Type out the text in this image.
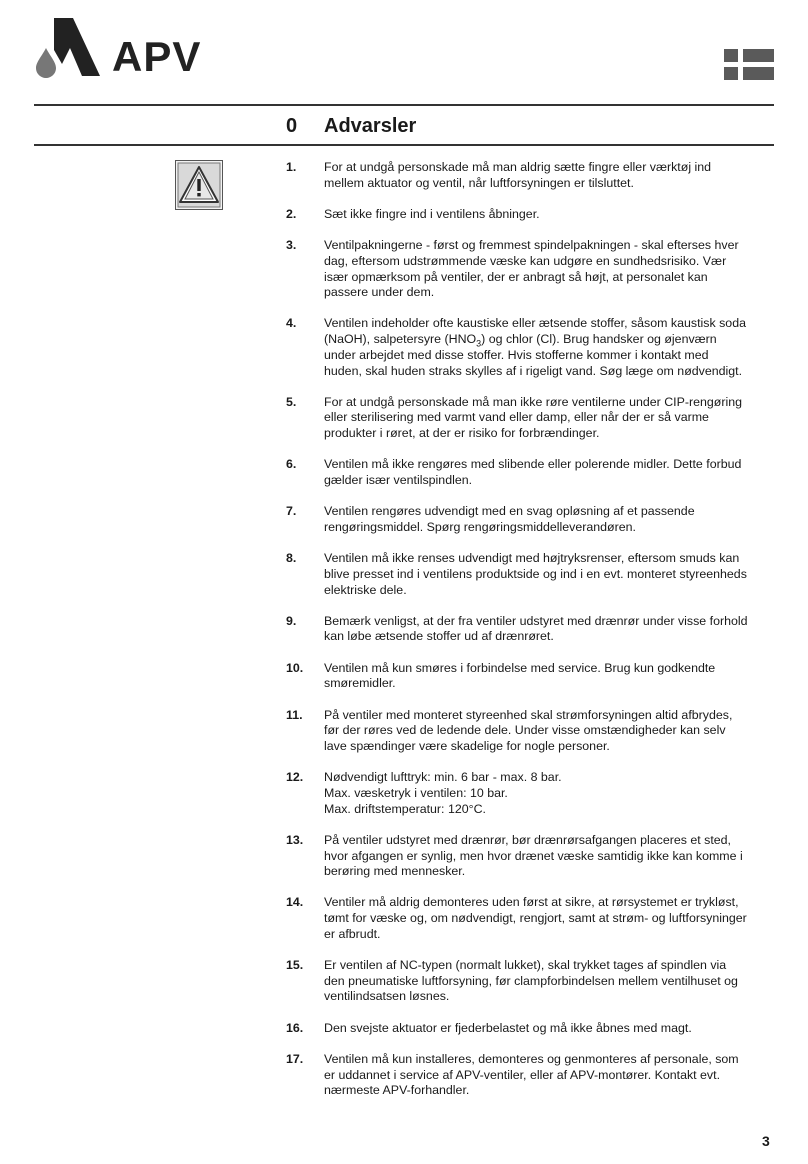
APV
0 Advarsler
1.	For at undgå personskade må man aldrig sætte fingre eller værktøj ind
mellem aktuator og ventil, når luftforsyningen er tilsluttet.
2.	Sæt ikke fingre ind i ventilens åbninger.
3.	Ventilpakningerne - først og fremmest spindelpakningen - skal efterses hver
dag, eftersom udstrømmende væske kan udgøre en sundhedsrisiko. Vær
især opmærksom på ventiler, der er anbragt så højt, at personalet kan
passere under dem.
4.	Ventilen indeholder ofte kaustiske eller ætsende stoffer, såsom kaustisk soda
(NaOH), salpetersyre $(HNO_3)$ og chlor (Cl). Brug handsker og øjenværn
under arbejdet med disse stoffer. Hvis stofferne kommer i kontakt med
huden, skal huden straks skylles af i rigeligt vand. Søg læge om nødvendigt.
5.	For at undgå personskade må man ikke røre ventilerne under CIP-rengøring
eller sterilisering med varmt vand eller damp, eller når der er så varme
produkter i røret, at der er risiko for forbrændinger.
6.	Ventilen må ikke rengøres med slibende eller polerende midler. Dette forbud
gælder især ventilspindlen.
7.	Ventilen rengøres udvendigt med en svag opløsning af et passende
rengøringsmiddel. Spørg rengøringsmiddelleverandøren.
8.	Ventilen må ikke renses udvendigt med højtryksrenser, eftersom smuds kan
blive presset ind i ventilens produktside og ind i en evt. monteret styreenheds
elektriske dele.
9.	Bemærk venligst, at der fra ventiler udstyret med drænrør under visse forhold
kan løbe ætsende stoffer ud af drænrøret.
10.	Ventilen må kun smøres i forbindelse med service. Brug kun godkendte
smøremidler.
11.	På ventiler med monteret styreenhed skal strømforsyningen altid afbrydes,
før der røres ved de ledende dele. Under visse omstændigheder kan selv
lave spændinger være skadelige for nogle personer.
12.	Nødvendigt lufttryk: min. 6 bar - max. 8 bar.
Max. væsketryk i ventilen: 10 bar.
Max. driftstemperatur: 120°C.
13.	På ventiler udstyret med drænrør, bør drænrørsafgangen placeres et sted,
hvor afgangen er synlig, men hvor drænet væske samtidig ikke kan komme i
berøring med mennesker.
14.	Ventiler må aldrig demonteres uden først at sikre, at rørsystemet er trykløst,
tømt for væske og, om nødvendigt, rengjort, samt at strøm- og luftforsyninger
er afbrudt.
15.	Er ventilen af NC-typen (normalt lukket), skal trykket tages af spindlen via
den pneumatiske luftforsyning, før clampforbindelsen mellem ventilhuset og
ventilindsatsen løsnes.
16.	Den svejste aktuator er fjederbelastet og må ikke åbnes med magt.
17.	Ventilen må kun installeres, demonteres og genmonteres af personale, som
er uddannet i service af APV-ventiler, eller af APV-montører. Kontakt evt.
nærmeste APV-forhandler.
3
